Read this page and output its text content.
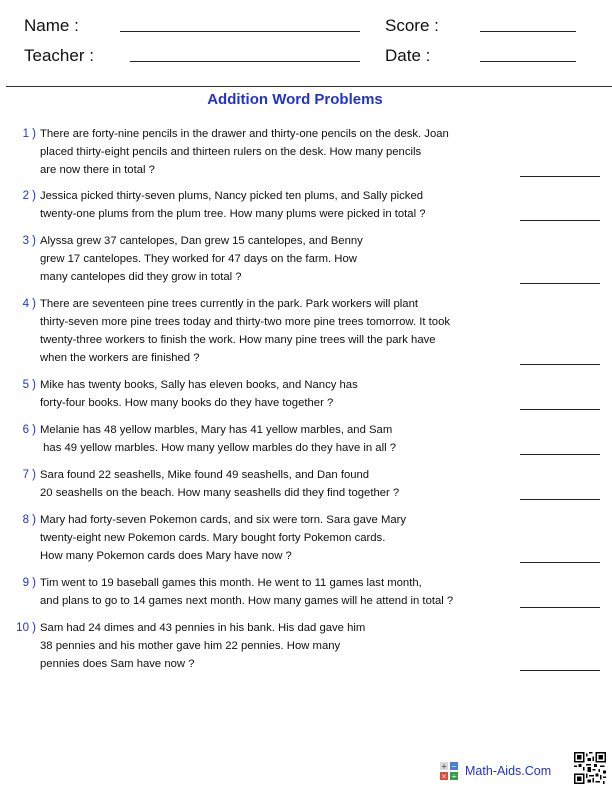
Name :
Teacher :
Score :
Date :
Addition Word Problems
1 ) There are forty-nine pencils in the drawer and thirty-one pencils on the desk. Joan
placed thirty-eight pencils and thirteen rulers on the desk. How many pencils
are now there in total ?
2 ) Jessica picked thirty-seven plums, Nancy picked ten plums, and Sally picked
twenty-one plums from the plum tree. How many plums were picked in total ?
3 ) Alyssa grew 37 cantelopes, Dan grew 15 cantelopes, and Benny
grew 17 cantelopes. They worked for 47 days on the farm. How
many cantelopes did they grow in total ?
4 ) There are seventeen pine trees currently in the park. Park workers will plant
thirty-seven more pine trees today and thirty-two more pine trees tomorrow. It took
twenty-three workers to finish the work. How many pine trees will the park have
when the workers are finished ?
5 ) Mike has twenty books, Sally has eleven books, and Nancy has
forty-four books. How many books do they have together ?
6 ) Melanie has 48 yellow marbles, Mary has 41 yellow marbles, and Sam
has 49 yellow marbles. How many yellow marbles do they have in all ?
7 ) Sara found 22 seashells, Mike found 49 seashells, and Dan found
20 seashells on the beach. How many seashells did they find together ?
8 ) Mary had forty-seven Pokemon cards, and six were torn. Sara gave Mary
twenty-eight new Pokemon cards. Mary bought forty Pokemon cards.
How many Pokemon cards does Mary have now ?
9 ) Tim went to 19 baseball games this month. He went to 11 games last month,
and plans to go to 14 games next month. How many games will he attend in total ?
10 ) Sam had 24 dimes and 43 pennies in his bank. His dad gave him
38 pennies and his mother gave him 22 pennies. How many
pennies does Sam have now ?
+ −
× ÷ Math-Aids.Com
